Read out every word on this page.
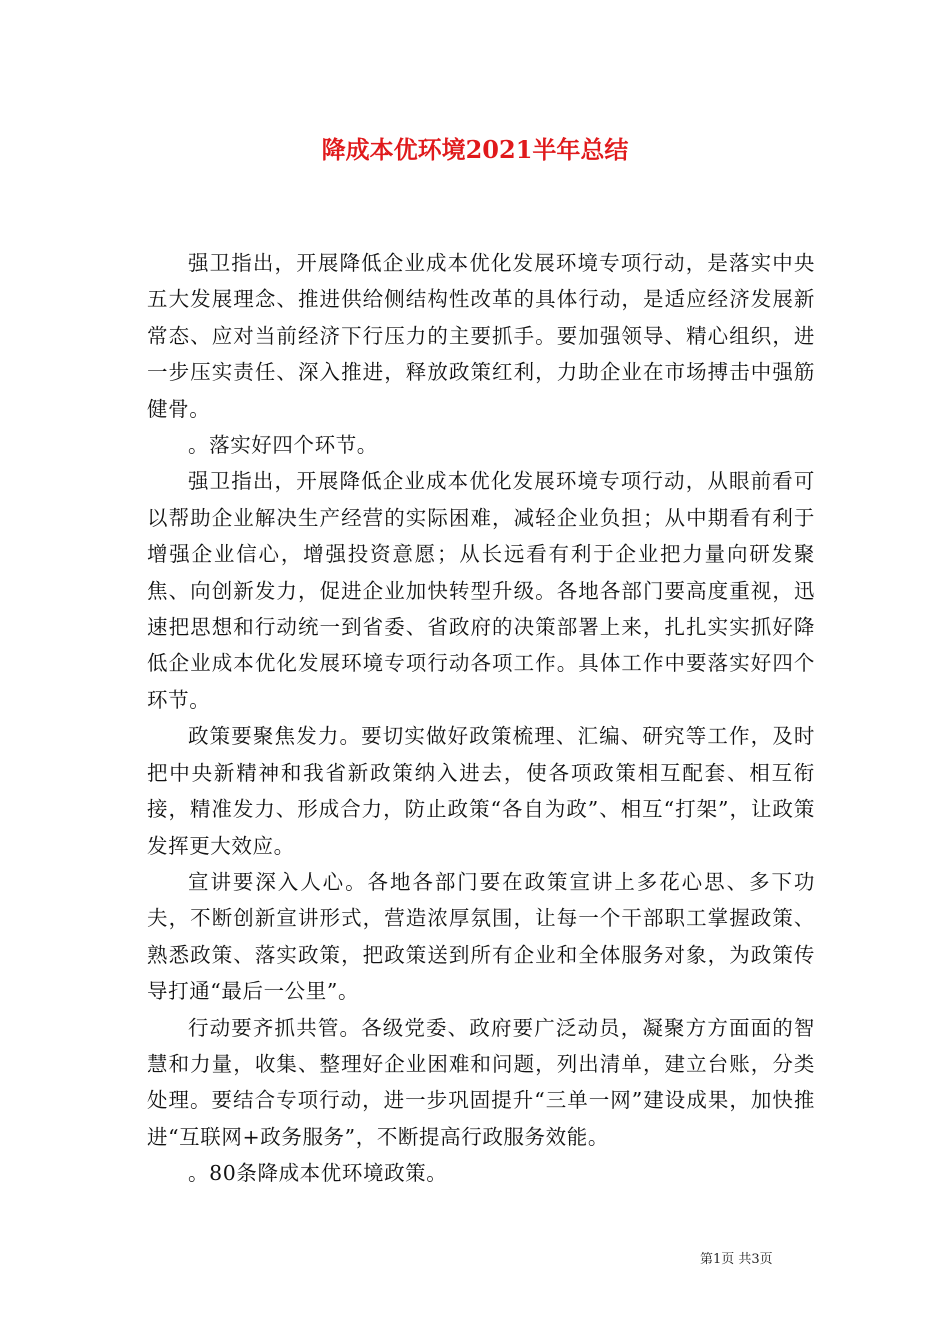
降成本优环境2021半年总结

强卫指出，开展降低企业成本优化发展环境专项行动，是落实中央五大发展理念、推进供给侧结构性改革的具体行动，是适应经济发展新常态、应对当前经济下行压力的主要抓手。要加强领导、精心组织，进一步压实责任、深入推进，释放政策红利，力助企业在市场搏击中强筋健骨。

。落实好四个环节。

强卫指出，开展降低企业成本优化发展环境专项行动，从眼前看可以帮助企业解决生产经营的实际困难，减轻企业负担；从中期看有利于增强企业信心，增强投资意愿；从长远看有利于企业把力量向研发聚焦、向创新发力，促进企业加快转型升级。各地各部门要高度重视，迅速把思想和行动统一到省委、省政府的决策部署上来，扎扎实实抓好降低企业成本优化发展环境专项行动各项工作。具体工作中要落实好四个环节。

政策要聚焦发力。要切实做好政策梳理、汇编、研究等工作，及时把中央新精神和我省新政策纳入进去，使各项政策相互配套、相互衔接，精准发力、形成合力，防止政策“各自为政”、相互“打架”，让政策发挥更大效应。

宣讲要深入人心。各地各部门要在政策宣讲上多花心思、多下功夫，不断创新宣讲形式，营造浓厚氛围，让每一个干部职工掌握政策、熟悉政策、落实政策，把政策送到所有企业和全体服务对象，为政策传导打通“最后一公里”。

行动要齐抓共管。各级党委、政府要广泛动员，凝聚方方面面的智慧和力量，收集、整理好企业困难和问题，列出清单，建立台账，分类处理。要结合专项行动，进一步巩固提升“三单一网”建设成果，加快推进“互联网+政务服务”，不断提高行政服务效能。

。80条降成本优环境政策。

第1页 共3页
